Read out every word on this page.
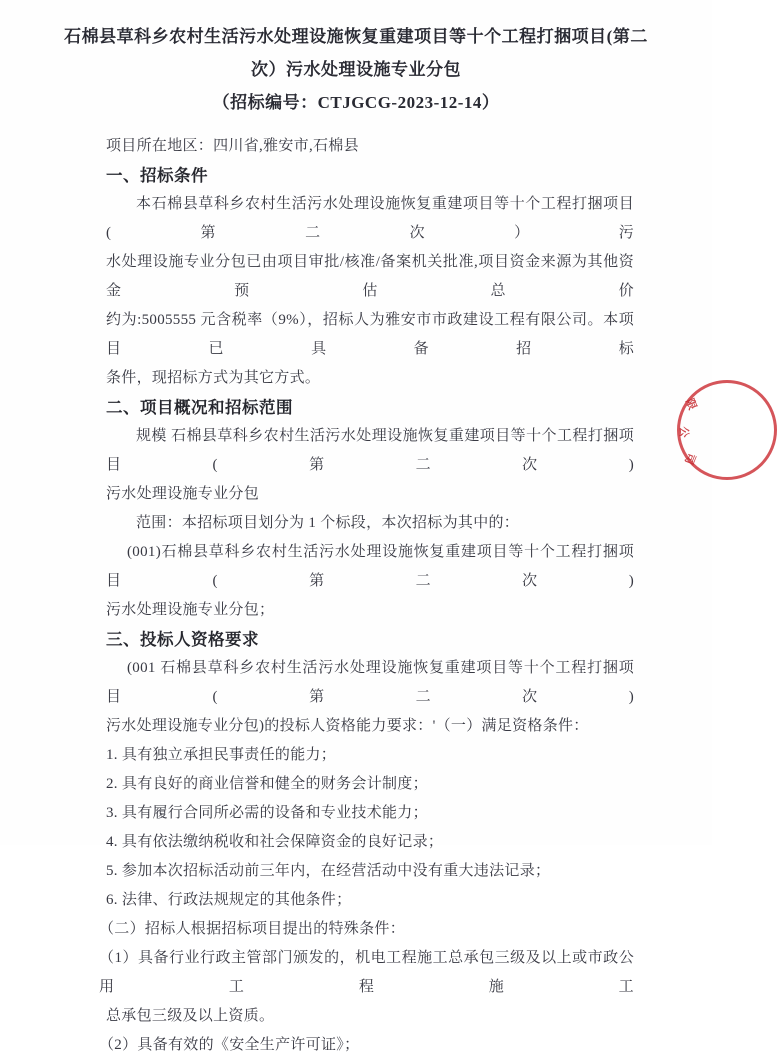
石棉县草科乡农村生活污水处理设施恢复重建项目等十个工程打捆项目(第二
次）污水处理设施专业分包
（招标编号：CTJGCG-2023-12-14）
项目所在地区：四川省,雅安市,石棉县
一、招标条件
本石棉县草科乡农村生活污水处理设施恢复重建项目等十个工程打捆项目(第二次）污
水处理设施专业分包已由项目审批/核准/备案机关批准,项目资金来源为其他资金预估总价
约为:5005555 元含税率（9%），招标人为雅安市市政建设工程有限公司。本项目已具备招标
条件，现招标方式为其它方式。
二、项目概况和招标范围
规模 石棉县草科乡农村生活污水处理设施恢复重建项目等十个工程打捆项目(第二次)
污水处理设施专业分包
范围：本招标项目划分为 1 个标段，本次招标为其中的：
(001)石棉县草科乡农村生活污水处理设施恢复重建项目等十个工程打捆项目(第二次)
污水处理设施专业分包；
三、投标人资格要求
(001 石棉县草科乡农村生活污水处理设施恢复重建项目等十个工程打捆项目(第二次)
污水处理设施专业分包)的投标人资格能力要求：'（一）满足资格条件：
1. 具有独立承担民事责任的能力；
2. 具有良好的商业信誉和健全的财务会计制度；
3. 具有履行合同所必需的设备和专业技术能力；
4. 具有依法缴纳税收和社会保障资金的良好记录；
5. 参加本次招标活动前三年内，在经营活动中没有重大违法记录；
6. 法律、行政法规规定的其他条件；
（二）招标人根据招标项目提出的特殊条件：
（1）具备行业行政主管部门颁发的，机电工程施工总承包三级及以上或市政公用工程施工
总承包三级及以上资质。
（2）具备有效的《安全生产许可证》；
限
公
司
